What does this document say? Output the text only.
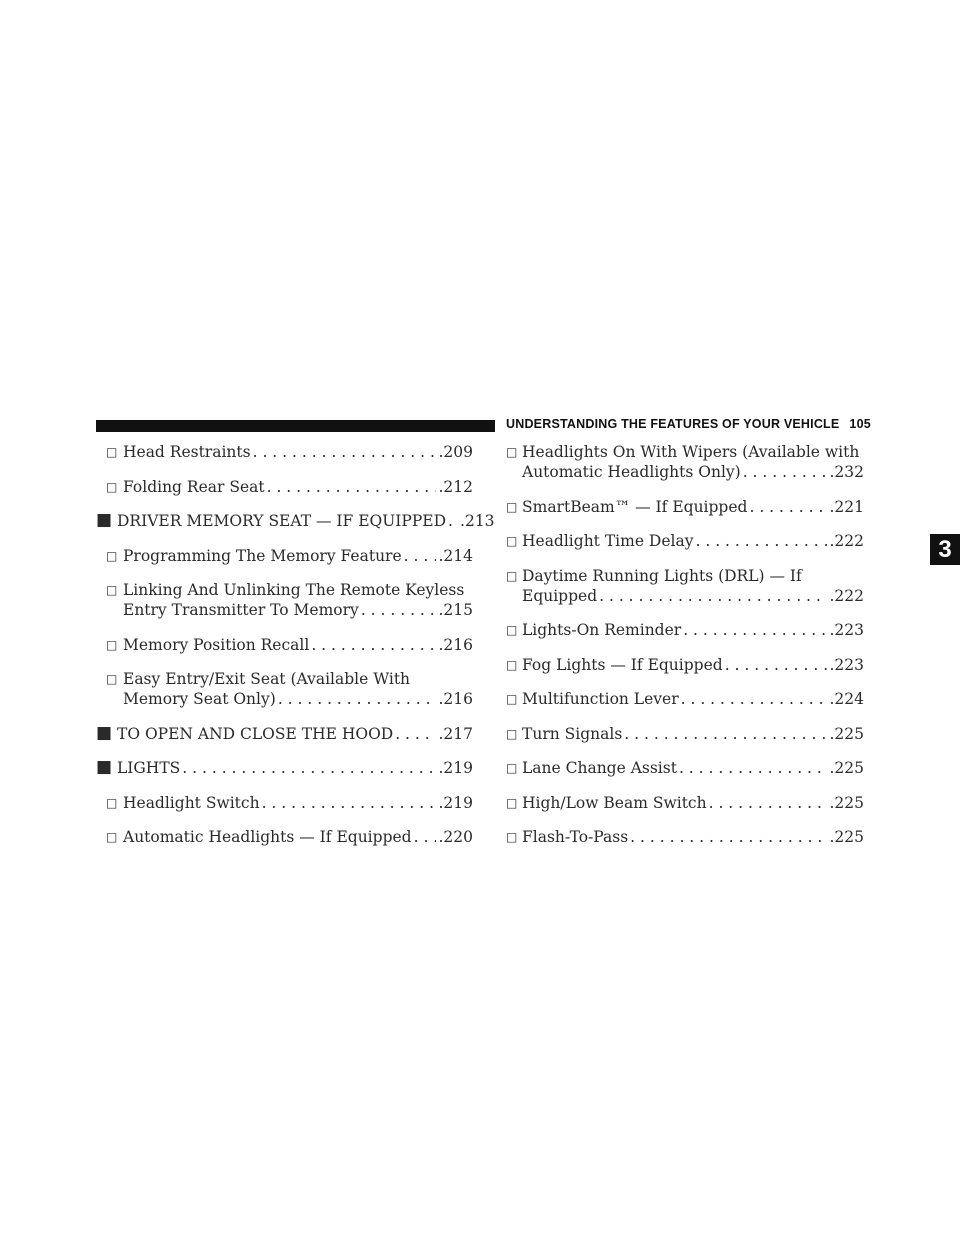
UNDERSTANDING THE FEATURES OF YOUR VEHICLE 105
3
□ Head Restraints . . .	.209
□ Folding Rear Seat . . .	.212
■ DRIVER MEMORY SEAT — IF EQUIPPED . . . .213
□ Programming The Memory Feature . . . .214
□ Linking And Unlinking The Remote Keyless
Entry Transmitter To Memory . . .	.215
□ Memory Position Recall . . .	.216
□ Easy Entry/Exit Seat (Available With
Memory Seat Only) . . .	.216
■ TO OPEN AND CLOSE THE HOOD . . .	.217
■ LIGHTS . . .	.219
□ Headlight Switch . . .	.219
□ Automatic Headlights — If Equipped . . . .220
□ Headlights On With Wipers (Available with
Automatic Headlights Only) . . .	.232
□ SmartBeam™ — If Equipped . . .	.221
□ Headlight Time Delay . . .	.222
□ Daytime Running Lights (DRL) — If
Equipped . . .	.222
□ Lights-On Reminder . . .	.223
□ Fog Lights — If Equipped . . .	.223
□ Multifunction Lever . . .	.224
□ Turn Signals . . .	.225
□ Lane Change Assist . . .	.225
□ High/Low Beam Switch . . .	.225
□ Flash-To-Pass . . .	.225
